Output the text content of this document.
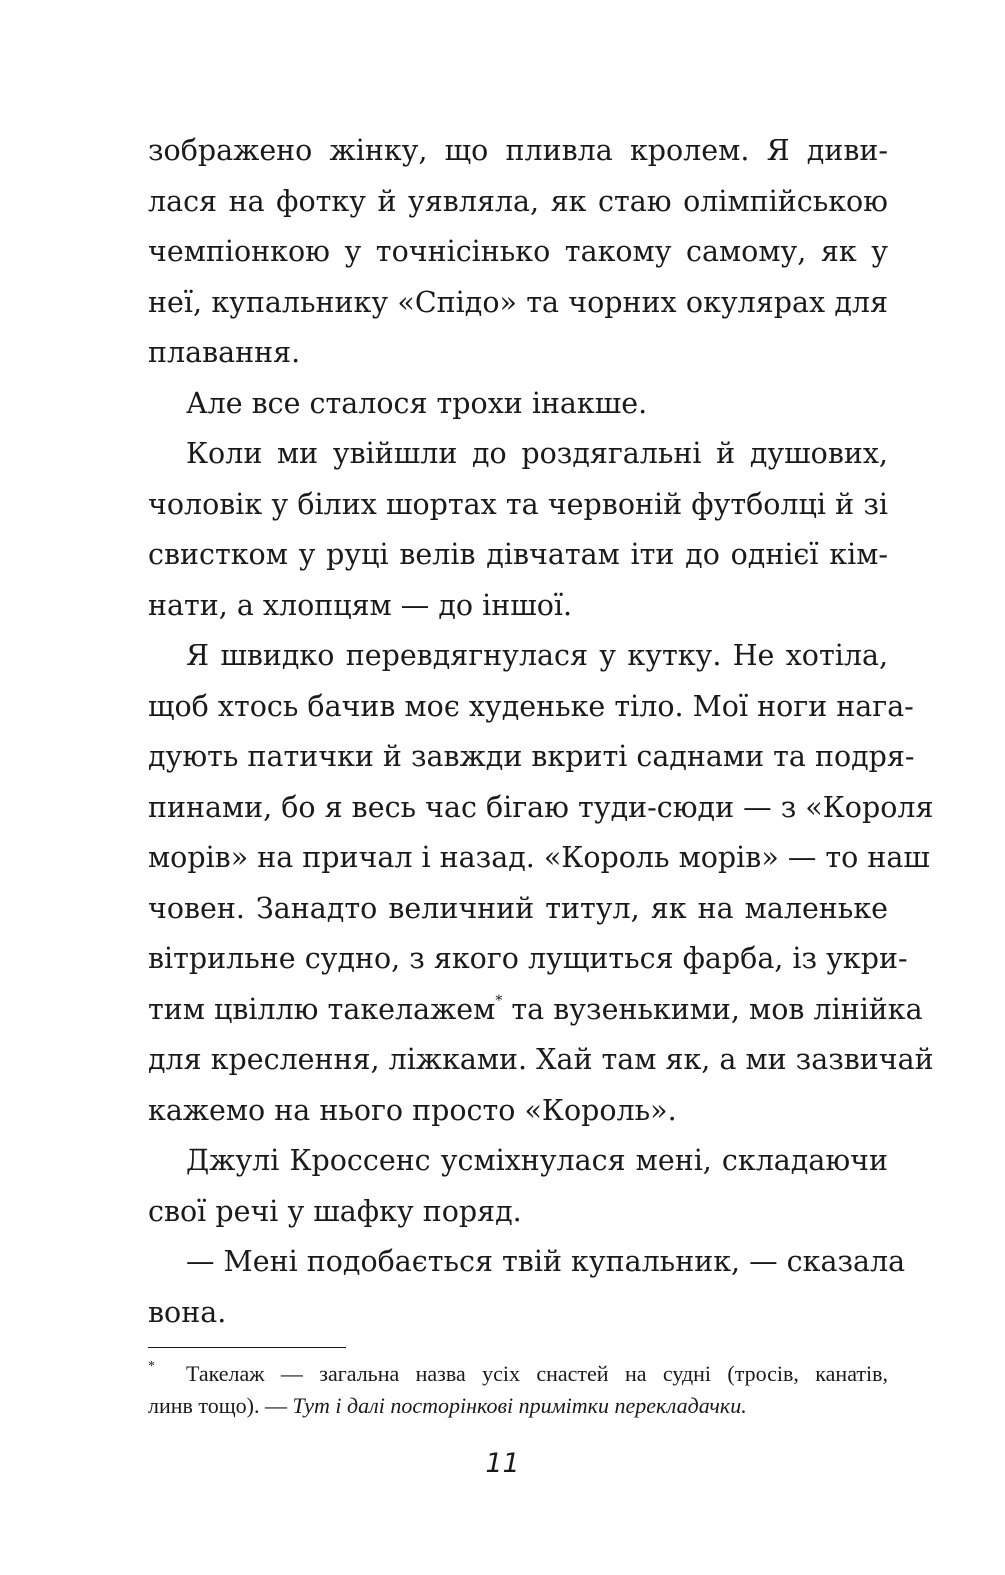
зображено жінку, що пливла кролем. Я диви-
лася на фотку й уявляла, як стаю олімпійською
чемпіонкою у точнісінько такому самому, як у
неї, купальнику «Спідо» та чорних окулярах для
плавання.
Але все сталося трохи інакше.
Коли ми увійшли до роздягальні й душових,
чоловік у білих шортах та червоній футболці й зі
свистком у руці велів дівчатам іти до однієї кім-
нати, а хлопцям — до іншої.
Я швидко перевдягнулася у кутку. Не хотіла,
щоб хтось бачив моє худеньке тіло. Мої ноги нага-
дують патички й завжди вкриті саднами та подря-
пинами, бо я весь час бігаю туди-сюди — з «Короля
морів» на причал і назад. «Король морів» — то наш
човен. Занадто величний титул, як на маленьке
вітрильне судно, з якого лущиться фарба, із укри-
тим цвіллю такелажем* та вузенькими, мов лінійка
для креслення, ліжками. Хай там як, а ми зазвичай
кажемо на нього просто «Король».
Джулі Кроссенс усміхнулася мені, складаючи
свої речі у шафку поряд.
— Мені подобається твій купальник, — сказала
вона.
*	Такелаж — загальна назва усіх снастей на судні (тросів, канатів,
линв тощо). — Тут і далі посторінкові примітки перекладачки.
11
